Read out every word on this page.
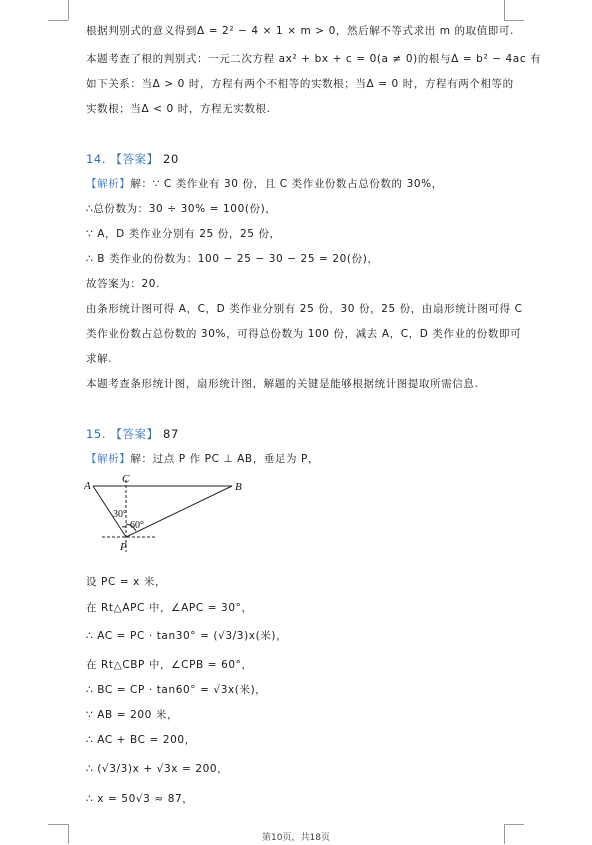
根据判别式的意义得到Δ = 2² − 4 × 1 × m > 0，然后解不等式求出 m 的取值即可.
本题考查了根的判别式：一元二次方程 ax² + bx + c = 0(a ≠ 0)的根与Δ = b² − 4ac 有
如下关系：当Δ > 0 时，方程有两个不相等的实数根；当Δ = 0 时，方程有两个相等的
实数根；当Δ < 0 时，方程无实数根.
14. 【答案】 20
【解析】解：∵ C 类作业有 30 份，且 C 类作业份数占总份数的 30%，
∴总份数为：30 ÷ 30% = 100(份)，
∵ A，D 类作业分别有 25 份，25 份，
∴ B 类作业的份数为：100 − 25 − 30 − 25 = 20(份)，
故答案为：20.
由条形统计图可得 A，C，D 类作业分别有 25 份，30 份，25 份，由扇形统计图可得 C
类作业份数占总份数的 30%，可得总份数为 100 份，减去 A，C，D 类作业的份数即可
求解.
本题考查条形统计图，扇形统计图，解题的关键是能够根据统计图提取所需信息.
15. 【答案】 87
【解析】解：过点 P 作 PC ⊥ AB，垂足为 P，
A	B
C
P
30°
60°
设 PC = x 米，
在 Rt△APC 中，∠APC = 30°，
∴ AC = PC · tan30° = (√3/3)x(米)，
在 Rt△CBP 中，∠CPB = 60°，
∴ BC = CP · tan60° = √3x(米)，
∵ AB = 200 米，
∴ AC + BC = 200，
∴ (√3/3)x + √3x = 200，
∴ x = 50√3 ≈ 87，
第10页，共18页
